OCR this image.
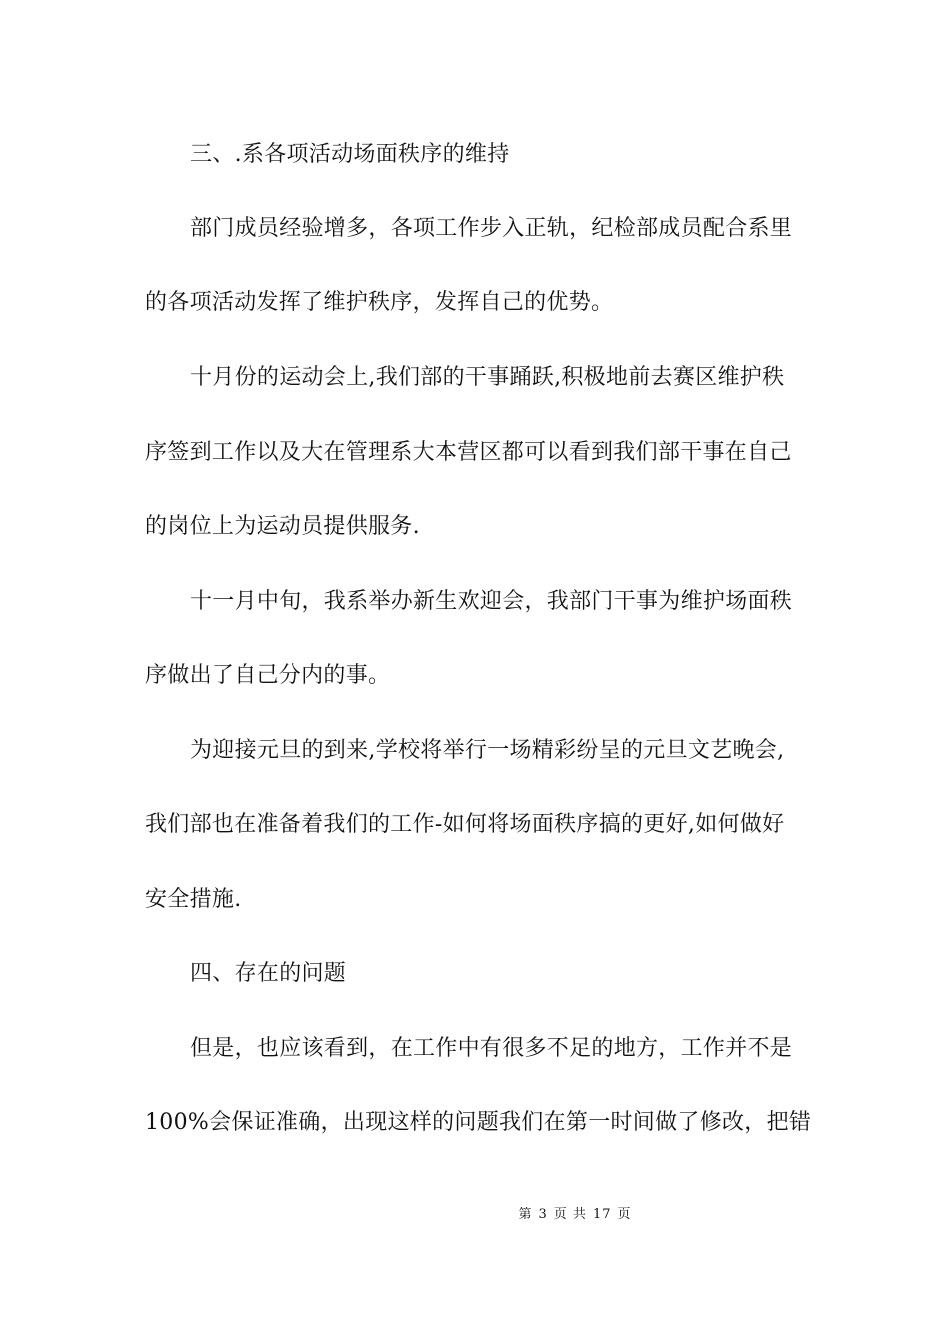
三、.系各项活动场面秩序的维持
部门成员经验增多，各项工作步入正轨，纪检部成员配合系里
的各项活动发挥了维护秩序，发挥自己的优势。
十月份的运动会上,我们部的干事踊跃,积极地前去赛区维护秩
序签到工作以及大在管理系大本营区都可以看到我们部干事在自己
的岗位上为运动员提供服务.
十一月中旬，我系举办新生欢迎会，我部门干事为维护场面秩
序做出了自己分内的事。
为迎接元旦的到来,学校将举行一场精彩纷呈的元旦文艺晚会,
我们部也在准备着我们的工作-如何将场面秩序搞的更好,如何做好
安全措施.
四、存在的问题
但是，也应该看到，在工作中有很多不足的地方，工作并不是
100%会保证准确，出现这样的问题我们在第一时间做了修改，把错
第 3 页 共 17 页
